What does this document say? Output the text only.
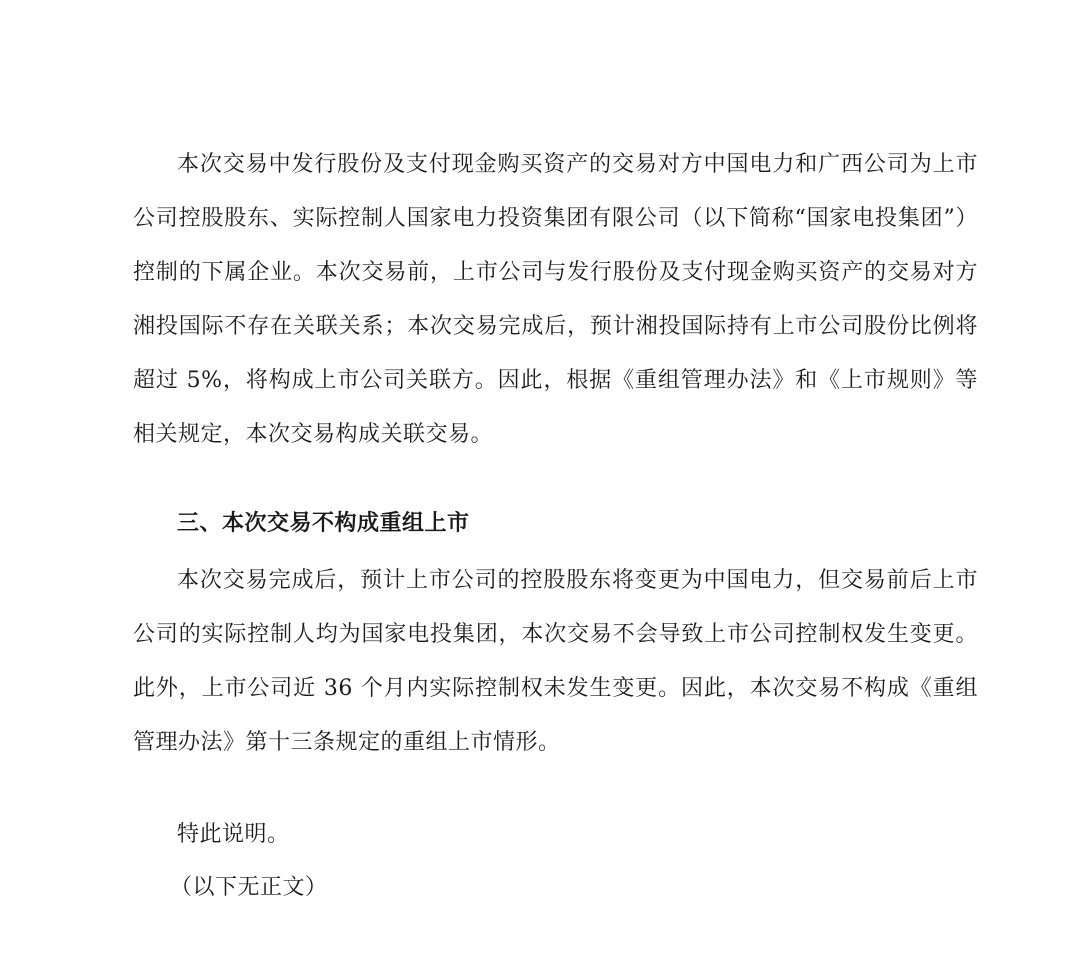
本次交易中发行股份及支付现金购买资产的交易对方中国电力和广西公司为上市公司控股股东、实际控制人国家电力投资集团有限公司（以下简称“国家电投集团”）控制的下属企业。本次交易前，上市公司与发行股份及支付现金购买资产的交易对方湘投国际不存在关联关系；本次交易完成后，预计湘投国际持有上市公司股份比例将超过 5%，将构成上市公司关联方。因此，根据《重组管理办法》和《上市规则》等相关规定，本次交易构成关联交易。

三、本次交易不构成重组上市

本次交易完成后，预计上市公司的控股股东将变更为中国电力，但交易前后上市公司的实际控制人均为国家电投集团，本次交易不会导致上市公司控制权发生变更。此外，上市公司近 36 个月内实际控制权未发生变更。因此，本次交易不构成《重组管理办法》第十三条规定的重组上市情形。

特此说明。

（以下无正文）
